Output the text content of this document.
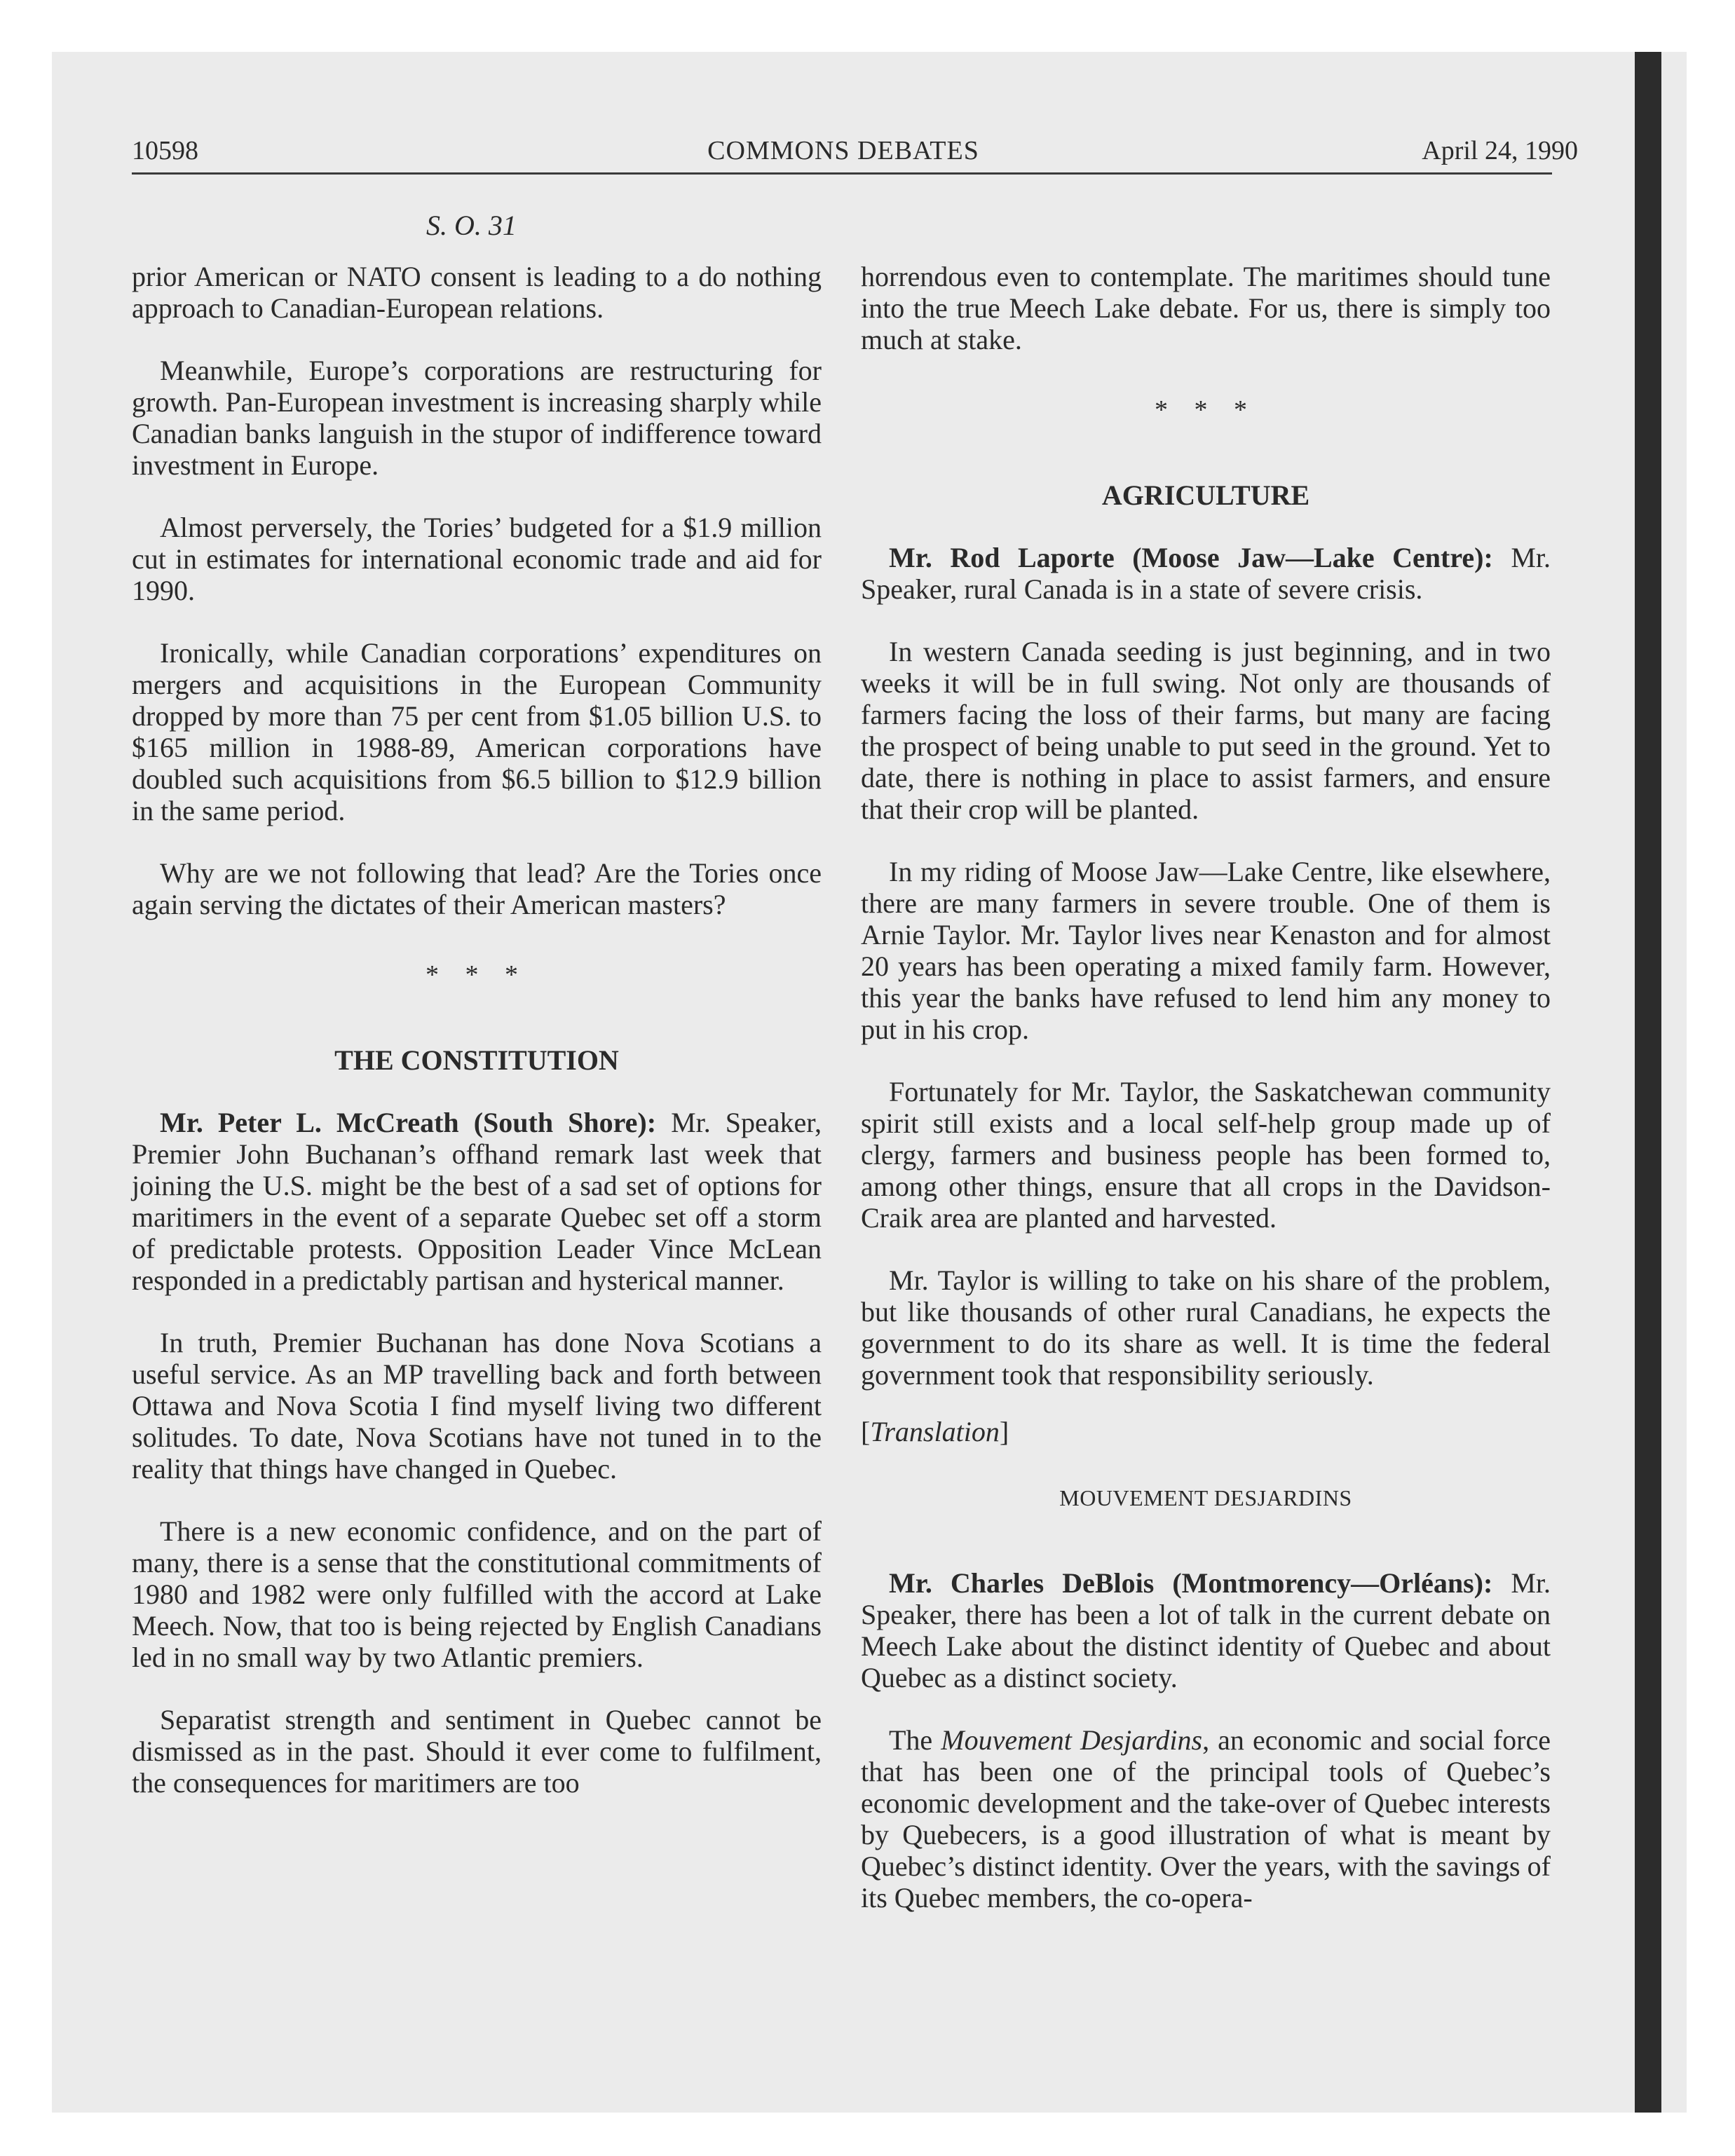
10598	COMMONS DEBATES	April 24, 1990
S. O. 31

prior American or NATO consent is leading to a do nothing approach to Canadian-European relations.

Meanwhile, Europe’s corporations are restructuring for growth. Pan-European investment is increasing sharply while Canadian banks languish in the stupor of indifference toward investment in Europe.

Almost perversely, the Tories’ budgeted for a $1.9 million cut in estimates for international economic trade and aid for 1990.

Ironically, while Canadian corporations’ expenditures on mergers and acquisitions in the European Community dropped by more than 75 per cent from $1.05 billion U.S. to $165 million in 1988-89, American corporations have doubled such acquisitions from $6.5 billion to $12.9 billion in the same period.

Why are we not following that lead? Are the Tories once again serving the dictates of their American masters?

* * *
THE CONSTITUTION

Mr. Peter L. McCreath (South Shore): Mr. Speaker, Premier John Buchanan’s offhand remark last week that joining the U.S. might be the best of a sad set of options for maritimers in the event of a separate Quebec set off a storm of predictable protests. Opposition Leader Vince McLean responded in a predictably partisan and hysterical manner.

In truth, Premier Buchanan has done Nova Scotians a useful service. As an MP travelling back and forth between Ottawa and Nova Scotia I find myself living two different solitudes. To date, Nova Scotians have not tuned in to the reality that things have changed in Quebec.

There is a new economic confidence, and on the part of many, there is a sense that the constitutional commitments of 1980 and 1982 were only fulfilled with the accord at Lake Meech. Now, that too is being rejected by English Canadians led in no small way by two Atlantic premiers.

Separatist strength and sentiment in Quebec cannot be dismissed as in the past. Should it ever come to fulfilment, the consequences for maritimers are too

horrendous even to contemplate. The maritimes should tune into the true Meech Lake debate. For us, there is simply too much at stake.

* * *
AGRICULTURE

Mr. Rod Laporte (Moose Jaw—Lake Centre): Mr. Speaker, rural Canada is in a state of severe crisis.

In western Canada seeding is just beginning, and in two weeks it will be in full swing. Not only are thousands of farmers facing the loss of their farms, but many are facing the prospect of being unable to put seed in the ground. Yet to date, there is nothing in place to assist farmers, and ensure that their crop will be planted.

In my riding of Moose Jaw—Lake Centre, like elsewhere, there are many farmers in severe trouble. One of them is Arnie Taylor. Mr. Taylor lives near Kenaston and for almost 20 years has been operating a mixed family farm. However, this year the banks have refused to lend him any money to put in his crop.

Fortunately for Mr. Taylor, the Saskatchewan community spirit still exists and a local self-help group made up of clergy, farmers and business people has been formed to, among other things, ensure that all crops in the Davidson-Craik area are planted and harvested.

Mr. Taylor is willing to take on his share of the problem, but like thousands of other rural Canadians, he expects the government to do its share as well. It is time the federal government took that responsibility seriously.

[Translation]

MOUVEMENT DESJARDINS

Mr. Charles DeBlois (Montmorency—Orléans): Mr. Speaker, there has been a lot of talk in the current debate on Meech Lake about the distinct identity of Quebec and about Quebec as a distinct society.

The Mouvement Desjardins, an economic and social force that has been one of the principal tools of Quebec’s economic development and the take-over of Quebec interests by Quebecers, is a good illustration of what is meant by Quebec’s distinct identity. Over the years, with the savings of its Quebec members, the co-opera-
